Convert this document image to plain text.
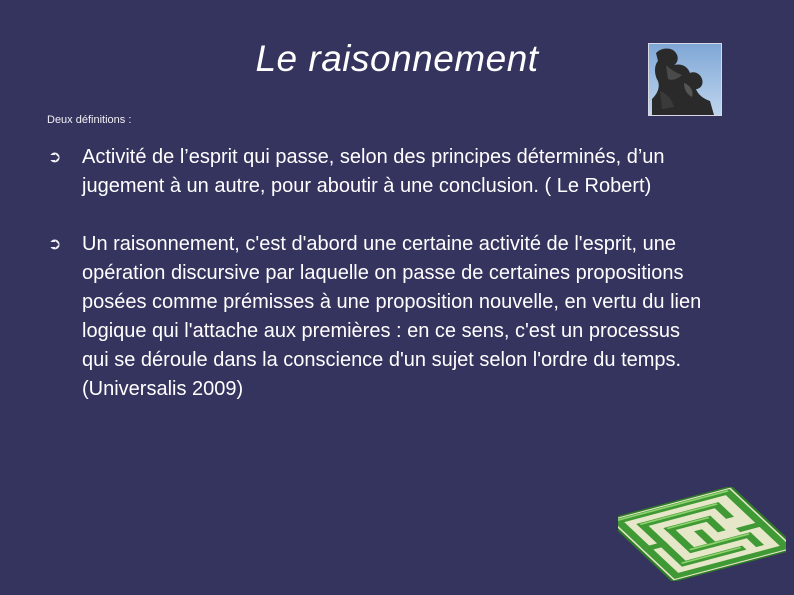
Le raisonnement
Deux définitions :
➲ Activité de l’esprit qui passe, selon des principes déterminés, d’un jugement à un autre, pour aboutir à une conclusion. ( Le Robert)
➲ Un raisonnement, c'est d'abord une certaine activité de l'esprit, une opération discursive par laquelle on passe de certaines propositions posées comme prémisses à une proposition nouvelle, en vertu du lien logique qui l'attache aux premières : en ce sens, c'est un processus qui se déroule dans la conscience d'un sujet selon l'ordre du temps.(Universalis 2009)
